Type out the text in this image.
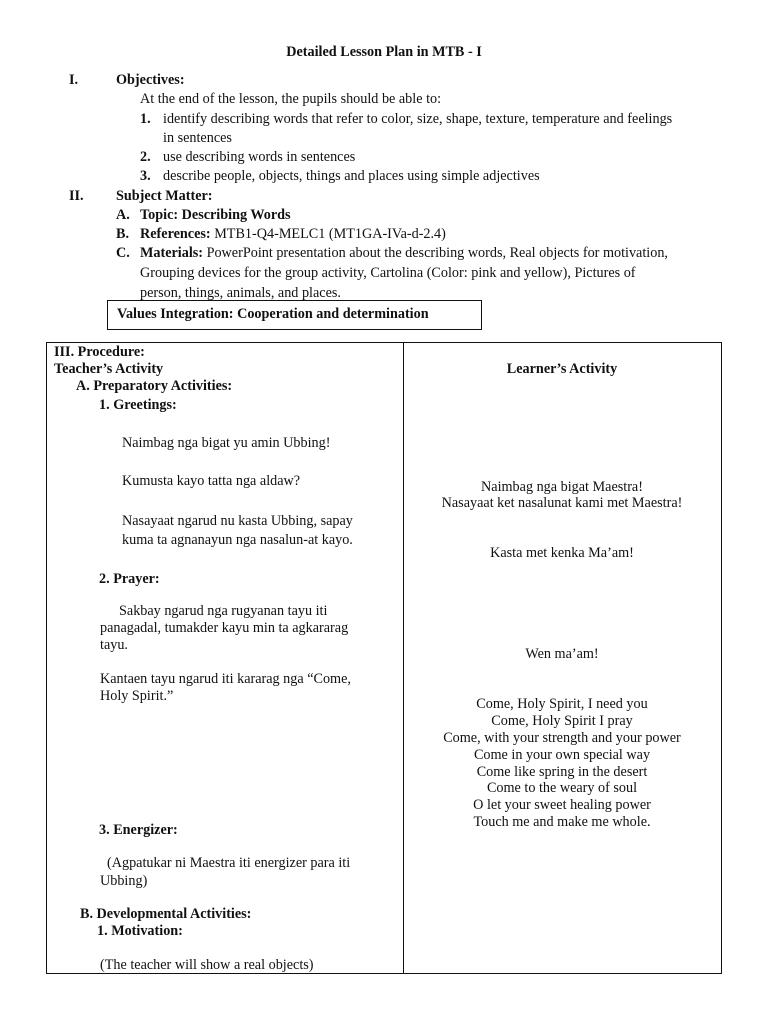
Detailed Lesson Plan in MTB - I
I.	Objectives:
At the end of the lesson, the pupils should be able to:
1. identify describing words that refer to color, size, shape, texture, temperature and feelings
in sentences
2. use describing words in sentences
3. describe people, objects, things and places using simple adjectives
II. Subject Matter:
A. Topic: Describing Words
B. References: MTB1-Q4-MELC1 (MT1GA-IVa-d-2.4)
C. Materials: PowerPoint presentation about the describing words, Real objects for motivation,
Grouping devices for the group activity, Cartolina (Color: pink and yellow), Pictures of
person, things, animals, and places.
Values Integration: Cooperation and determination
III. Procedure:
Teacher’s Activity
A. Preparatory Activities:
1. Greetings:
Naimbag nga bigat yu amin Ubbing!
Kumusta kayo tatta nga aldaw?
Nasayaat ngarud nu kasta Ubbing, sapay
kuma ta agnanayun nga nasalun-at kayo.
2. Prayer:
Sakbay ngarud nga rugyanan tayu iti
panagadal, tumakder kayu min ta agkararag
tayu.
Kantaen tayu ngarud iti kararag nga “Come,
Holy Spirit.”
3. Energizer:
(Agpatukar ni Maestra iti energizer para iti
Ubbing)
B. Developmental Activities:
1. Motivation:
(The teacher will show a real objects)
Learner’s Activity
Naimbag nga bigat Maestra!
Nasayaat ket nasalunat kami met Maestra!
Kasta met kenka Ma’am!
Wen ma’am!
Come, Holy Spirit, I need you
Come, Holy Spirit I pray
Come, with your strength and your power
Come in your own special way
Come like spring in the desert
Come to the weary of soul
O let your sweet healing power
Touch me and make me whole.
